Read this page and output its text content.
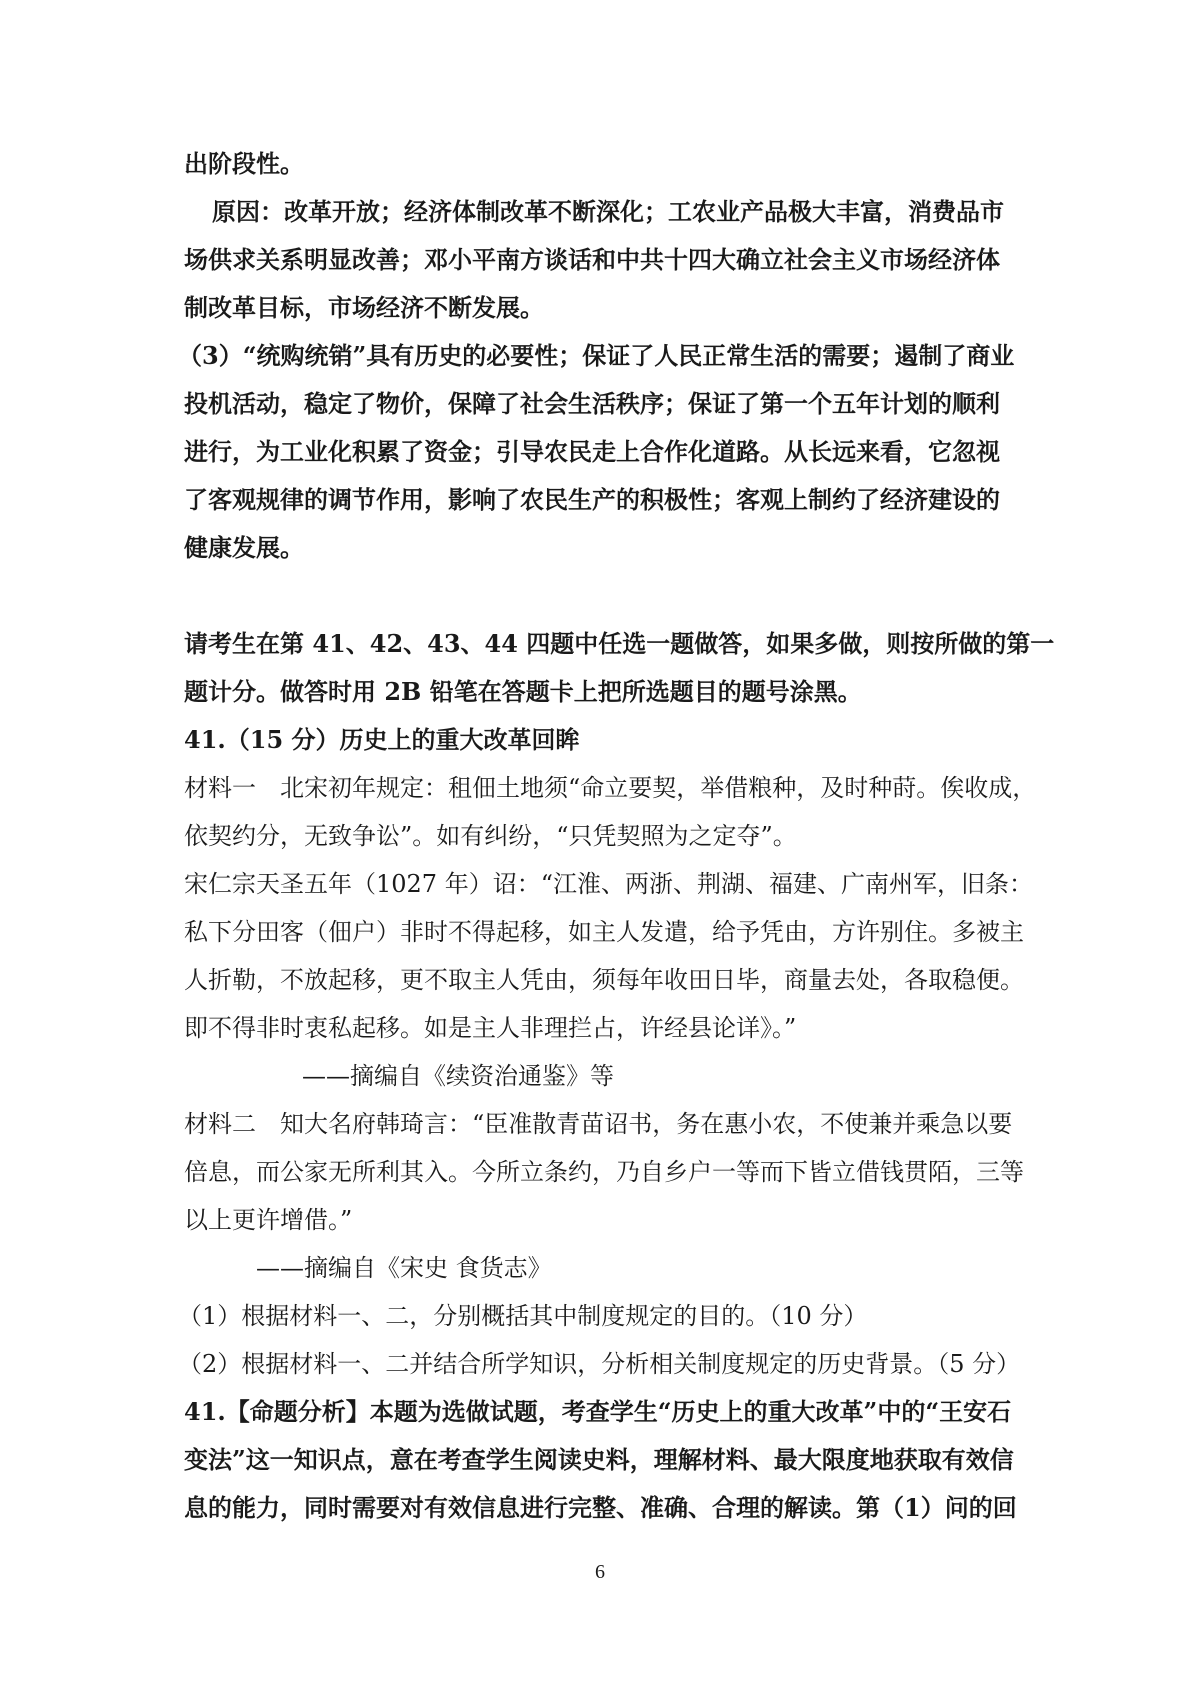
出阶段性。
原因：改革开放；经济体制改革不断深化；工农业产品极大丰富，消费品市
场供求关系明显改善；邓小平南方谈话和中共十四大确立社会主义市场经济体
制改革目标，市场经济不断发展。
（3）“统购统销”具有历史的必要性；保证了人民正常生活的需要；遏制了商业
投机活动，稳定了物价，保障了社会生活秩序；保证了第一个五年计划的顺利
进行，为工业化积累了资金；引导农民走上合作化道路。从长远来看，它忽视
了客观规律的调节作用，影响了农民生产的积极性；客观上制约了经济建设的
健康发展。
请考生在第 41、42、43、44 四题中任选一题做答，如果多做，则按所做的第一
题计分。做答时用 2B 铅笔在答题卡上把所选题目的题号涂黑。
41.（15 分）历史上的重大改革回眸
材料一　北宋初年规定：租佃土地须“命立要契，举借粮种，及时种莳。俟收成，
依契约分，无致争讼”。如有纠纷，“只凭契照为之定夺”。
宋仁宗天圣五年（1027 年）诏：“江淮、两浙、荆湖、福建、广南州军，旧条：
私下分田客（佃户）非时不得起移，如主人发遣，给予凭由，方许别住。多被主
人折勒，不放起移，更不取主人凭由，须每年收田日毕，商量去处，各取稳便。
即不得非时衷私起移。如是主人非理拦占，许经县论详》。”
——摘编自《续资治通鉴》等
材料二　知大名府韩琦言：“臣准散青苗诏书，务在惠小农，不使兼并乘急以要
倍息，而公家无所利其入。今所立条约，乃自乡户一等而下皆立借钱贯陌，三等
以上更许增借。”
——摘编自《宋史 食货志》
（1）根据材料一、二，分别概括其中制度规定的目的。（10 分）
（2）根据材料一、二并结合所学知识，分析相关制度规定的历史背景。（5 分）
41.【命题分析】本题为选做试题，考查学生“历史上的重大改革”中的“王安石
变法”这一知识点，意在考查学生阅读史料，理解材料、最大限度地获取有效信
息的能力，同时需要对有效信息进行完整、准确、合理的解读。第（1）问的回
6
